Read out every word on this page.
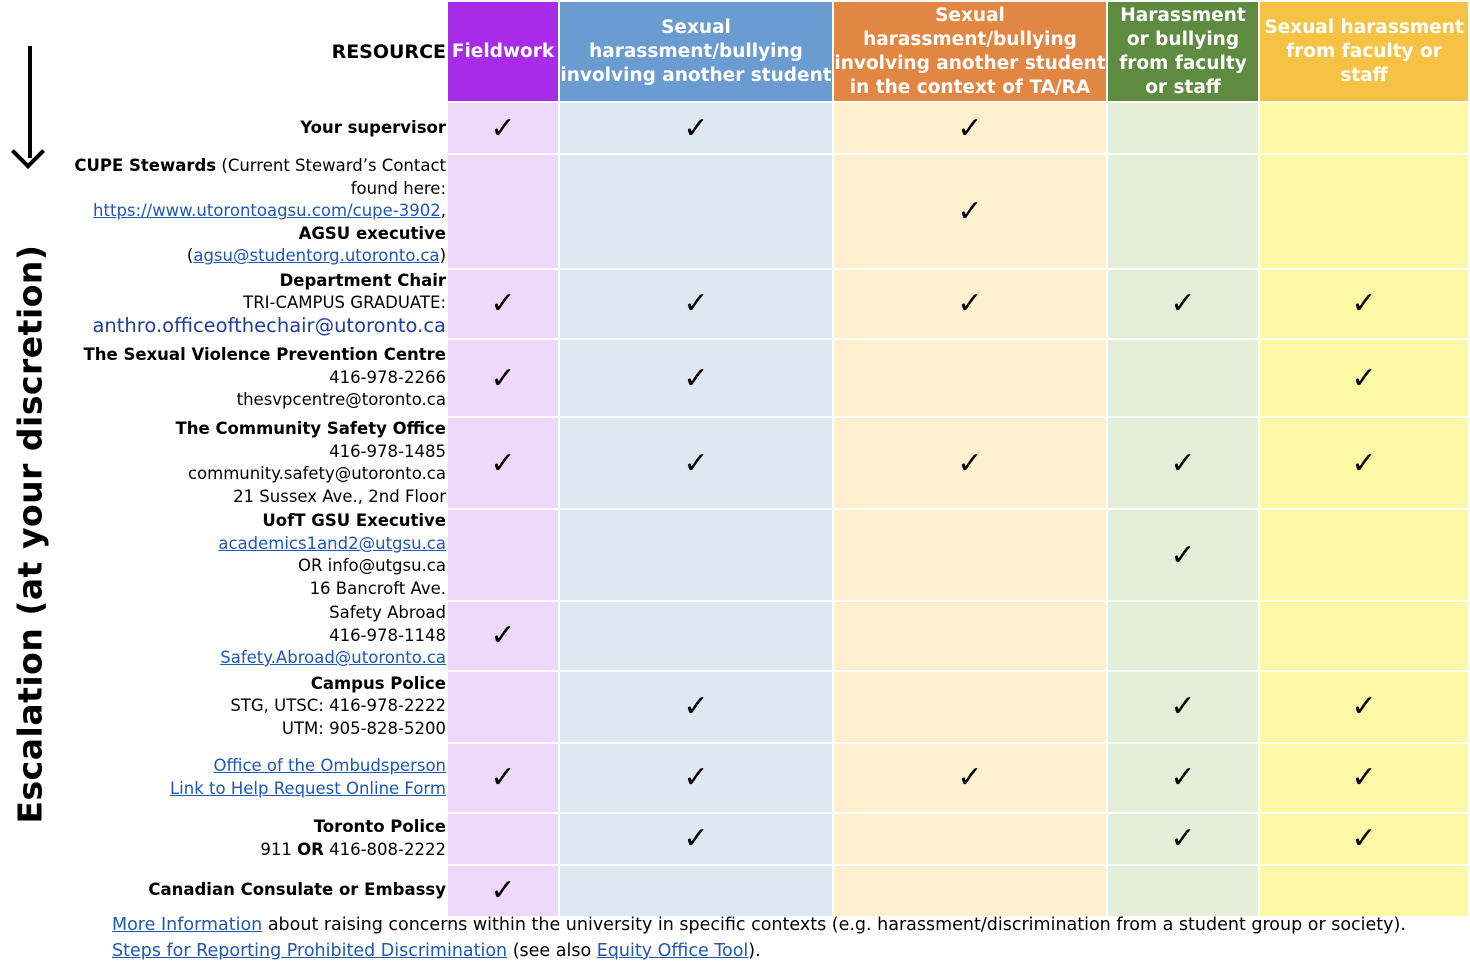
Escalation (at your discretion)
RESOURCE	Fieldwork	Sexual harassment/bullying involving another student	Sexual harassment/bullying involving another student in the context of TA/RA	Harassment or bullying from faculty or staff	Sexual harassment from faculty or staff

Your supervisor	✓	✓	✓		

CUPE Stewards (Current Steward’s Contact
found here:
https://www.utorontoagsu.com/cupe-3902,
AGSU executive
(agsu@studentorg.utoronto.ca)			✓		

Department Chair
TRI-CAMPUS GRADUATE:
anthro.officeofthechair@utoronto.ca	✓	✓	✓	✓	✓

The Sexual Violence Prevention Centre
416-978-2266
thesvpcentre@toronto.ca	✓	✓			✓

The Community Safety Office
416-978-1485
community.safety@utoronto.ca
21 Sussex Ave., 2nd Floor	✓	✓	✓	✓	✓

UofT GSU Executive
academics1and2@utgsu.ca
OR info@utgsu.ca
16 Bancroft Ave.				✓	

Safety Abroad
416-978-1148
Safety.Abroad@utoronto.ca	✓				

Campus Police
STG, UTSC: 416-978-2222
UTM: 905-828-5200		✓		✓	✓

Office of the Ombudsperson
Link to Help Request Online Form	✓	✓	✓	✓	✓

Toronto Police
911 OR 416-808-2222		✓		✓	✓

Canadian Consulate or Embassy	✓				
More Information about raising concerns within the university in specific contexts (e.g. harassment/discrimination from a student group or society).
Steps for Reporting Prohibited Discrimination (see also Equity Office Tool).
